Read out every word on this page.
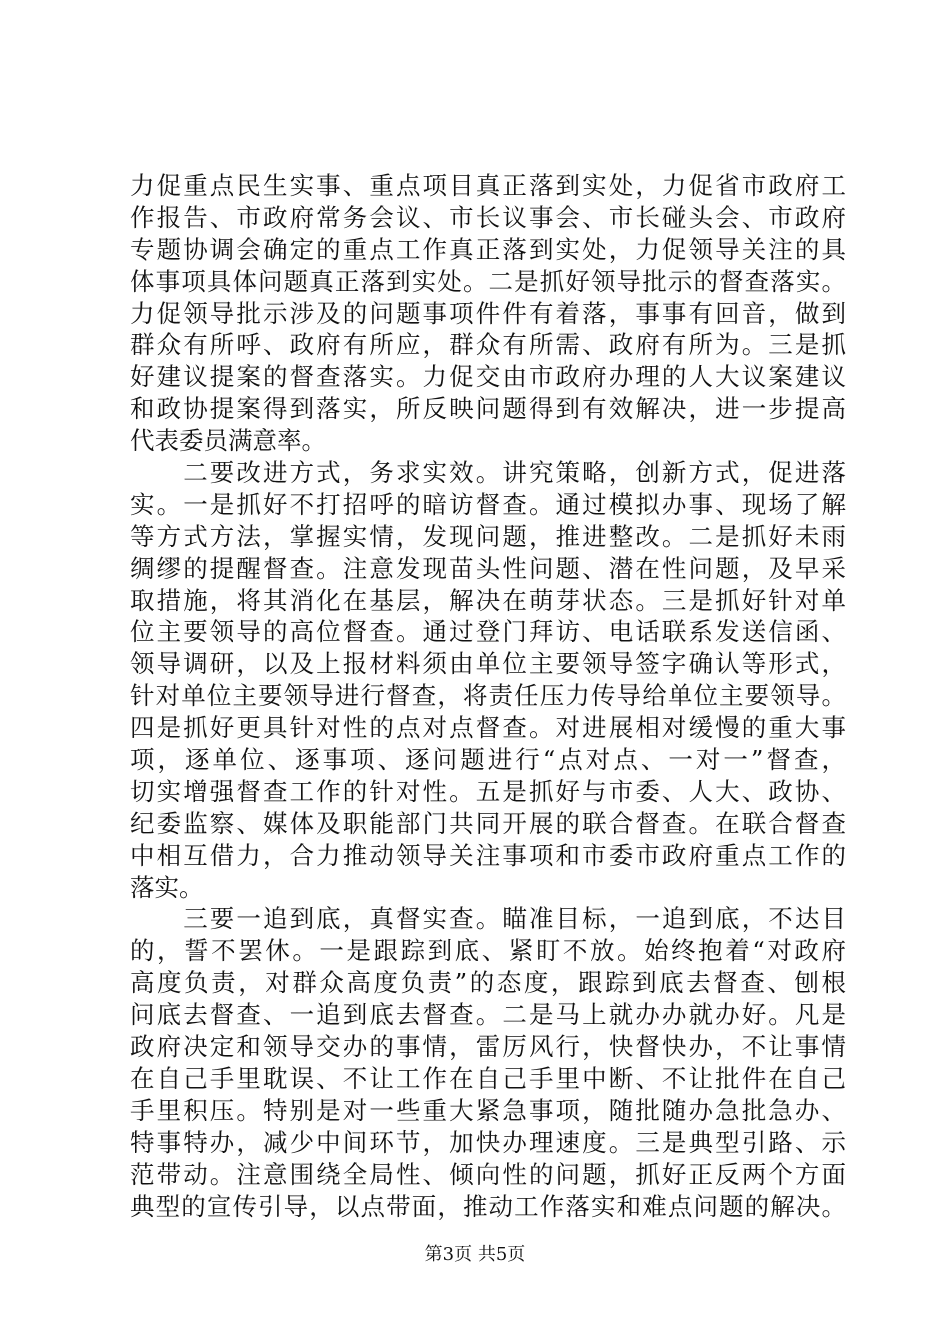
力促重点民生实事、重点项目真正落到实处，力促省市政府工
作报告、市政府常务会议、市长议事会、市长碰头会、市政府
专题协调会确定的重点工作真正落到实处，力促领导关注的具
体事项具体问题真正落到实处。二是抓好领导批示的督查落实。
力促领导批示涉及的问题事项件件有着落，事事有回音，做到
群众有所呼、政府有所应，群众有所需、政府有所为。三是抓
好建议提案的督查落实。力促交由市政府办理的人大议案建议
和政协提案得到落实，所反映问题得到有效解决，进一步提高
代表委员满意率。
　　二要改进方式，务求实效。讲究策略，创新方式，促进落
实。一是抓好不打招呼的暗访督查。通过模拟办事、现场了解
等方式方法，掌握实情，发现问题，推进整改。二是抓好未雨
绸缪的提醒督查。注意发现苗头性问题、潜在性问题，及早采
取措施，将其消化在基层，解决在萌芽状态。三是抓好针对单
位主要领导的高位督查。通过登门拜访、电话联系发送信函、
领导调研，以及上报材料须由单位主要领导签字确认等形式，
针对单位主要领导进行督查，将责任压力传导给单位主要领导。
四是抓好更具针对性的点对点督查。对进展相对缓慢的重大事
项，逐单位、逐事项、逐问题进行“点对点、一对一”督查，
切实增强督查工作的针对性。五是抓好与市委、人大、政协、
纪委监察、媒体及职能部门共同开展的联合督查。在联合督查
中相互借力，合力推动领导关注事项和市委市政府重点工作的
落实。
　　三要一追到底，真督实查。瞄准目标，一追到底，不达目
的，誓不罢休。一是跟踪到底、紧盯不放。始终抱着“对政府
高度负责，对群众高度负责”的态度，跟踪到底去督查、刨根
问底去督查、一追到底去督查。二是马上就办办就办好。凡是
政府决定和领导交办的事情，雷厉风行，快督快办，不让事情
在自己手里耽误、不让工作在自己手里中断、不让批件在自己
手里积压。特别是对一些重大紧急事项，随批随办急批急办、
特事特办，减少中间环节，加快办理速度。三是典型引路、示
范带动。注意围绕全局性、倾向性的问题，抓好正反两个方面
典型的宣传引导，以点带面，推动工作落实和难点问题的解决。
第3页 共5页
